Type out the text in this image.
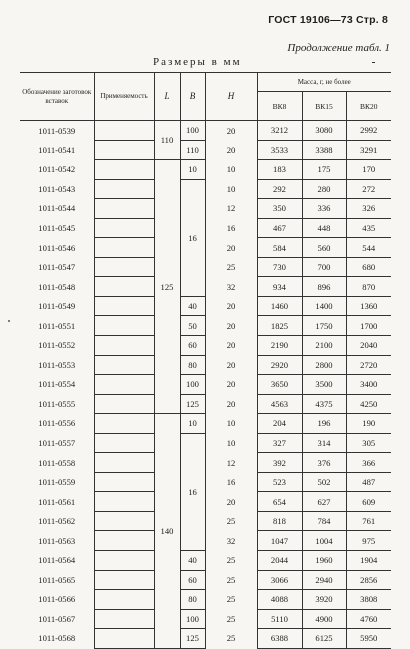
ГОСТ 19106—73 Стр. 8
Продолжение табл. 1
Размеры в мм
Обозначение заготовок вставок	Применяемость	L	B	H	Масса, г, не более		
					ВК8	ВК15	ВК20
1011-0539		110	100	20	3212	3080	2992
1011-0541			110	20	3533	3388	3291
1011-0542		125	10	10	183	175	170
1011-0543			16	10	292	280	272
1011-0544				12	350	336	326
1011-0545				16	467	448	435
1011-0546				20	584	560	544
1011-0547				25	730	700	680
1011-0548				32	934	896	870
1011-0549			40	20	1460	1400	1360
1011-0551			50	20	1825	1750	1700
1011-0552			60	20	2190	2100	2040
1011-0553			80	20	2920	2800	2720
1011-0554			100	20	3650	3500	3400
1011-0555			125	20	4563	4375	4250
1011-0556		140	10	10	204	196	190
1011-0557			16	10	327	314	305
1011-0558				12	392	376	366
1011-0559				16	523	502	487
1011-0561				20	654	627	609
1011-0562				25	818	784	761
1011-0563				32	1047	1004	975
1011-0564			40	25	2044	1960	1904
1011-0565			60	25	3066	2940	2856
1011-0566			80	25	4088	3920	3808
1011-0567			100	25	5110	4900	4760
1011-0568			125	25	6388	6125	5950
